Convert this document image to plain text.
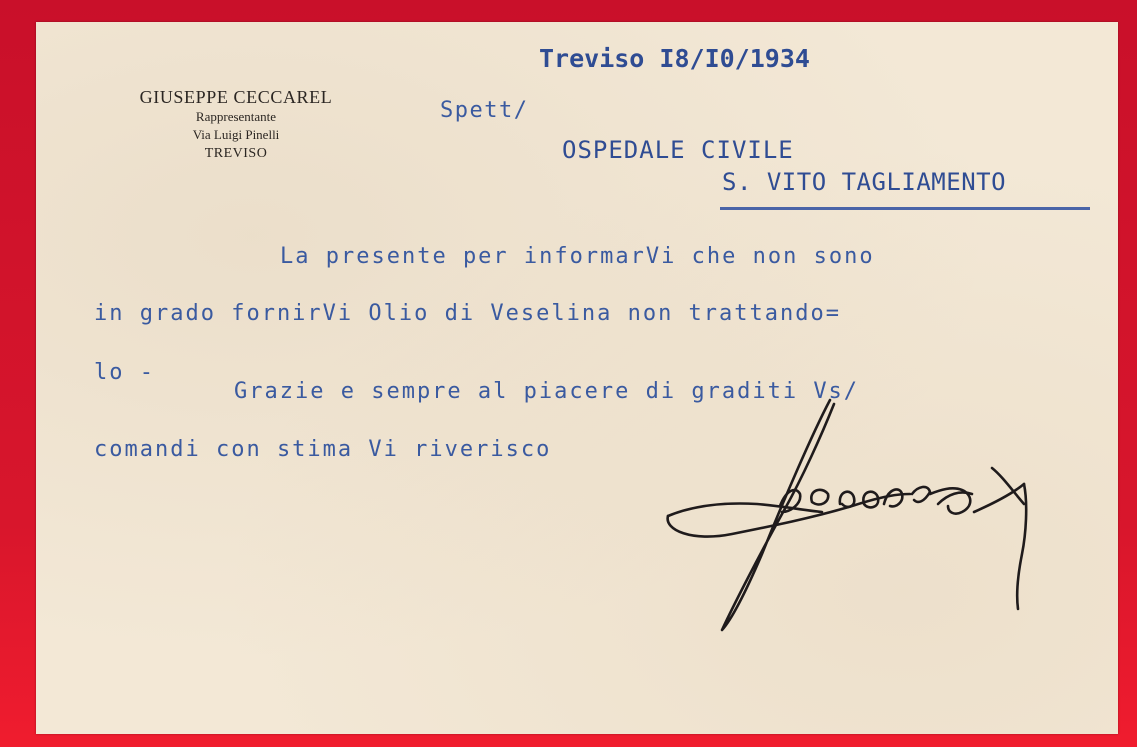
GIUSEPPE CECCAREL
Rappresentante
Via Luigi Pinelli
TREVISO
Treviso I8/I0/1934
Spett/
OSPEDALE CIVILE
S. VITO TAGLIAMENTO
La presente per informarVi che non sono
in grado fornirVi Olio di Veselina non trattando=
lo -
Grazie e sempre al piacere di graditi Vs/
comandi con stima Vi riverisco
